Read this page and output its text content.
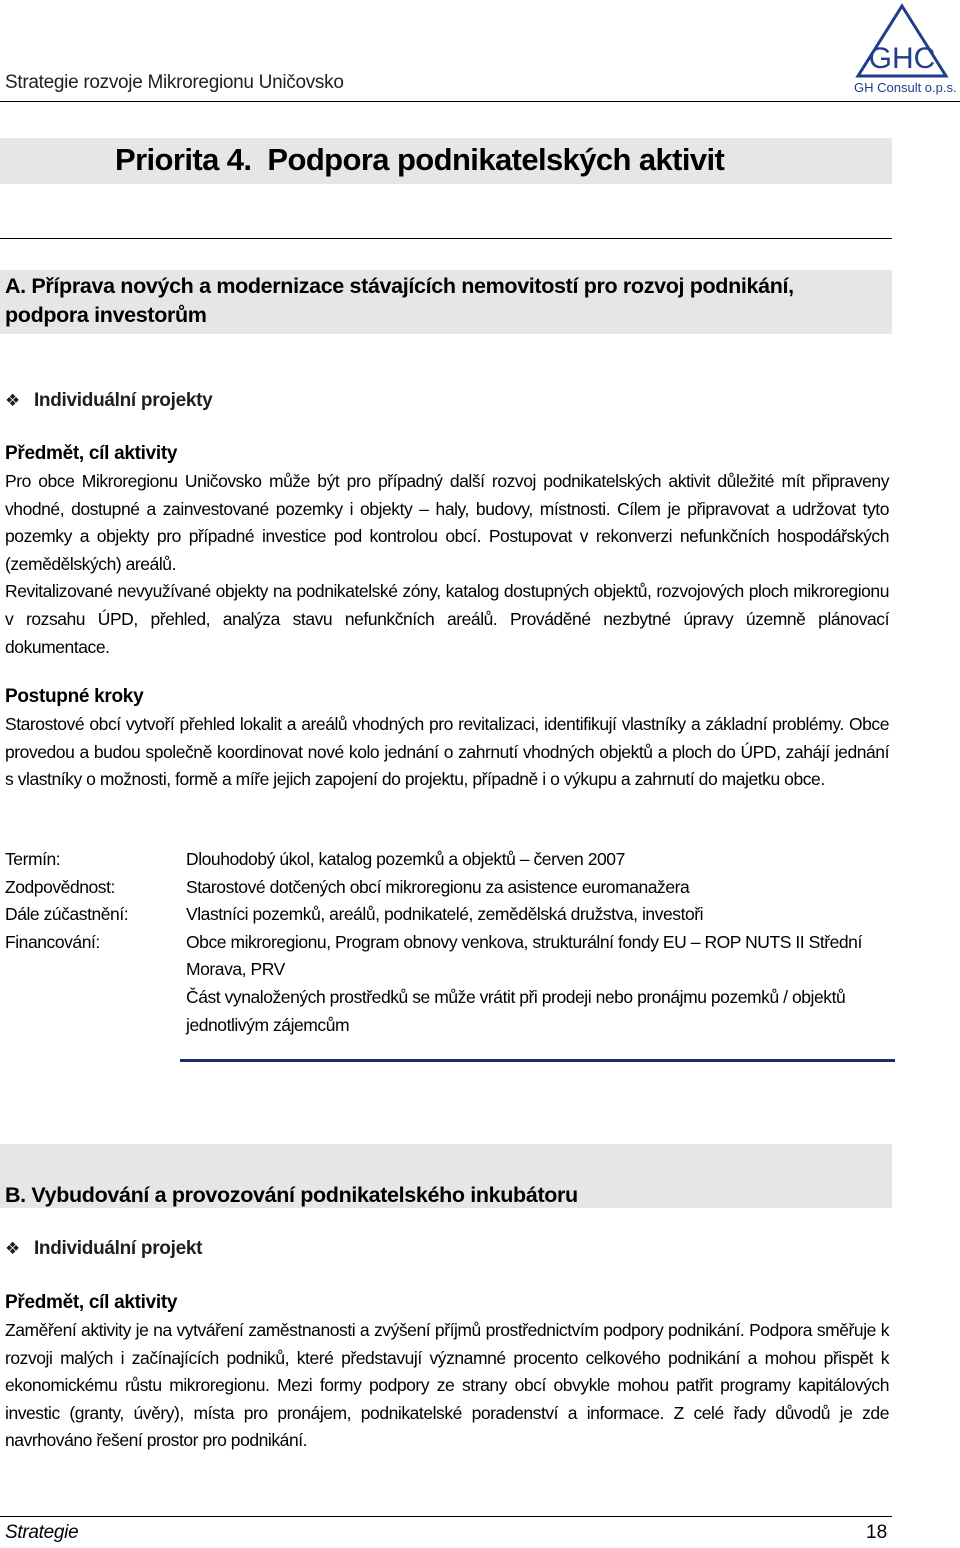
Strategie rozvoje Mikroregionu Uničovsko
GHC
GH Consult o.p.s.
Priorita 4.  Podpora podnikatelských aktivit
A. Příprava nových a modernizace stávajících nemovitostí pro rozvoj podnikání,
podpora investorům
❖ Individuální projekty
Předmět, cíl aktivity

Pro obce Mikroregionu Uničovsko může být pro případný další rozvoj podnikatelských aktivit důležité mít připraveny vhodné, dostupné a zainvestované pozemky i objekty – haly, budovy, místnosti. Cílem je připravovat a udržovat tyto pozemky a objekty pro případné investice pod kontrolou obcí. Postupovat v rekonverzi nefunkčních hospodářských (zemědělských) areálů.

Revitalizované nevyužívané objekty na podnikatelské zóny, katalog dostupných objektů, rozvojových ploch mikroregionu v rozsahu ÚPD, přehled, analýza stavu nefunkčních areálů. Prováděné nezbytné úpravy územně plánovací dokumentace.

Postupné kroky

Starostové obcí vytvoří přehled lokalit a areálů vhodných pro revitalizaci, identifikují vlastníky a základní problémy. Obce provedou a budou společně koordinovat nové kolo jednání o zahrnutí vhodných objektů a ploch do ÚPD, zahájí jednání s vlastníky o možnosti, formě a míře jejich zapojení do projektu, případně i o výkupu a zahrnutí do majetku obce.

Termín:	Dlouhodobý úkol, katalog pozemků a objektů – červen 2007
Zodpovědnost:	Starostové dotčených obcí mikroregionu za asistence euromanažera
Dále zúčastnění:	Vlastníci pozemků, areálů, podnikatelé, zemědělská družstva, investoři
Financování:	Obce mikroregionu, Program obnovy venkova, strukturální fondy EU – ROP NUTS II Střední Morava, PRV
Část vynaložených prostředků se může vrátit při prodeji nebo pronájmu pozemků / objektů jednotlivým zájemcům
B. Vybudování a provozování podnikatelského inkubátoru
❖ Individuální projekt
Předmět, cíl aktivity

Zaměření aktivity je na vytváření zaměstnanosti a zvýšení příjmů prostřednictvím podpory podnikání. Podpora směřuje k rozvoji malých i začínajících podniků, které představují významné procento celkového podnikání a mohou přispět k ekonomickému růstu mikroregionu. Mezi formy podpory ze strany obcí obvykle mohou patřit programy kapitálových investic (granty, úvěry), místa pro pronájem, podnikatelské poradenství a informace. Z celé řady důvodů je zde navrhováno řešení prostor pro podnikání.

Strategie	18
